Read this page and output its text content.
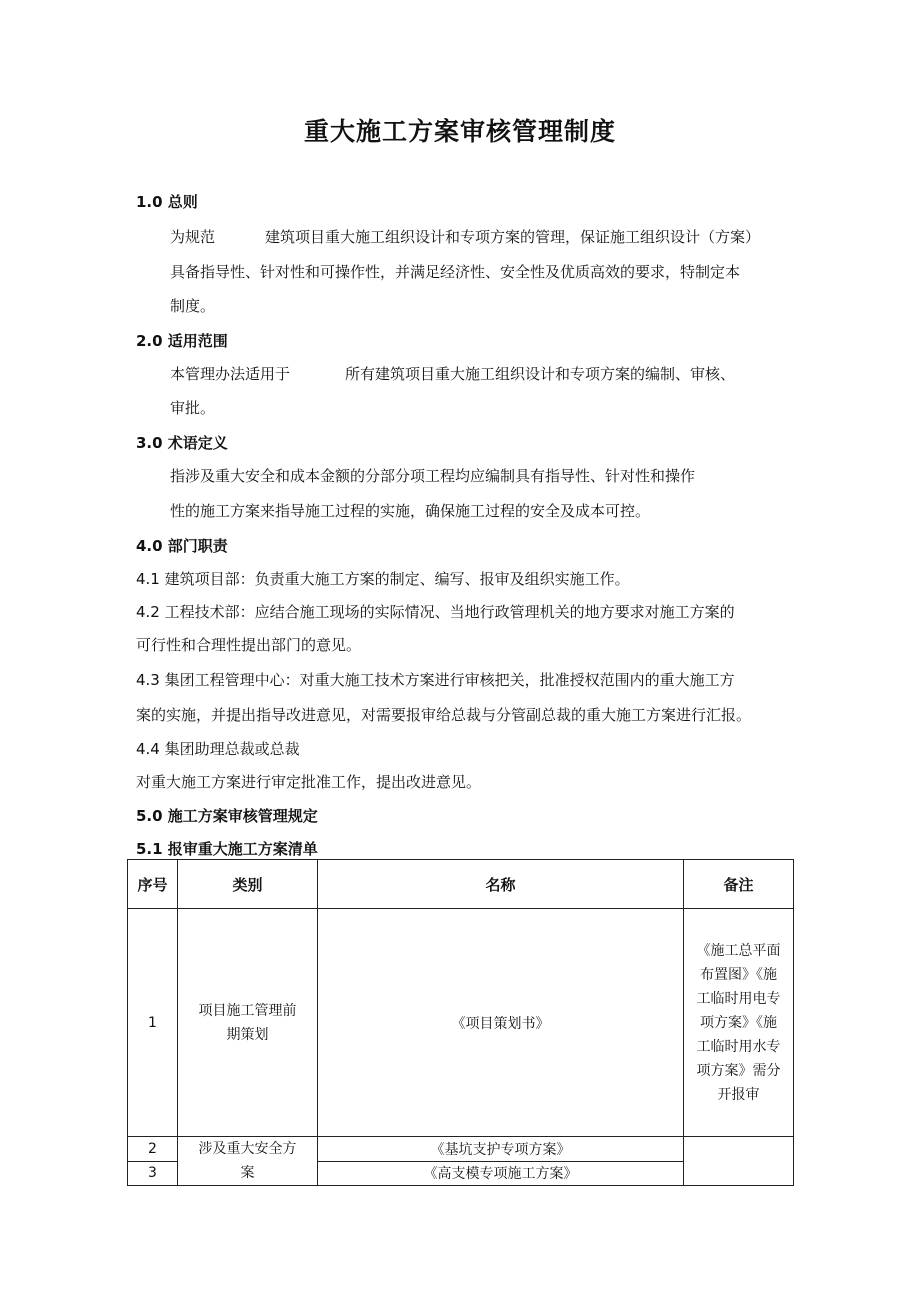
重大施工方案审核管理制度
1.0 总则
为规范	建筑项目重大施工组织设计和专项方案的管理，保证施工组织设计（方案）
具备指导性、针对性和可操作性，并满足经济性、安全性及优质高效的要求，特制定本
制度。
2.0 适用范围
本管理办法适用于	所有建筑项目重大施工组织设计和专项方案的编制、审核、
审批。
3.0 术语定义
指涉及重大安全和成本金额的分部分项工程均应编制具有指导性、针对性和操作
性的施工方案来指导施工过程的实施，确保施工过程的安全及成本可控。
4.0 部门职责
4.1 建筑项目部：负责重大施工方案的制定、编写、报审及组织实施工作。
4.2 工程技术部：应结合施工现场的实际情况、当地行政管理机关的地方要求对施工方案的
可行性和合理性提出部门的意见。
4.3 集团工程管理中心：对重大施工技术方案进行审核把关，批准授权范围内的重大施工方
案的实施，并提出指导改进意见，对需要报审给总裁与分管副总裁的重大施工方案进行汇报。
4.4 集团助理总裁或总裁
对重大施工方案进行审定批准工作，提出改进意见。
5.0 施工方案审核管理规定
5.1 报审重大施工方案清单
序号	类别	名称	备注
1	项目施工管理前期策划	《项目策划书》	《施工总平面布置图》《施工临时用电专项方案》《施工临时用水专项方案》需分开报审
2	涉及重大安全方案	《基坑支护专项方案》	
3		《高支模专项施工方案》	
